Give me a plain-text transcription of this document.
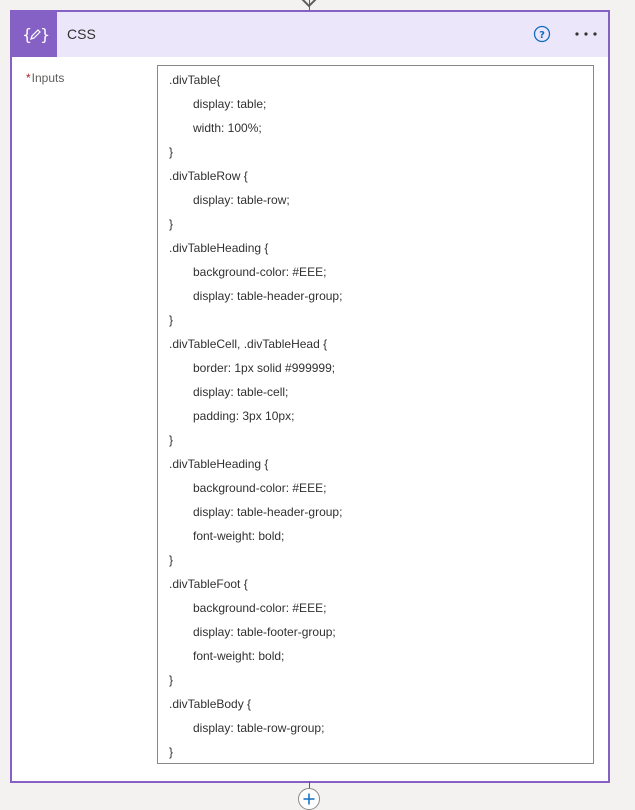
{ } CSS	?
*Inputs	.divTable{
display: table;
width: 100%;
}
.divTableRow {
display: table-row;
}
.divTableHeading {
background-color: #EEE;
display: table-header-group;
}
.divTableCell, .divTableHead {
border: 1px solid #999999;
display: table-cell;
padding: 3px 10px;
}
.divTableHeading {
background-color: #EEE;
display: table-header-group;
font-weight: bold;
}
.divTableFoot {
background-color: #EEE;
display: table-footer-group;
font-weight: bold;
}
.divTableBody {
display: table-row-group;
}
